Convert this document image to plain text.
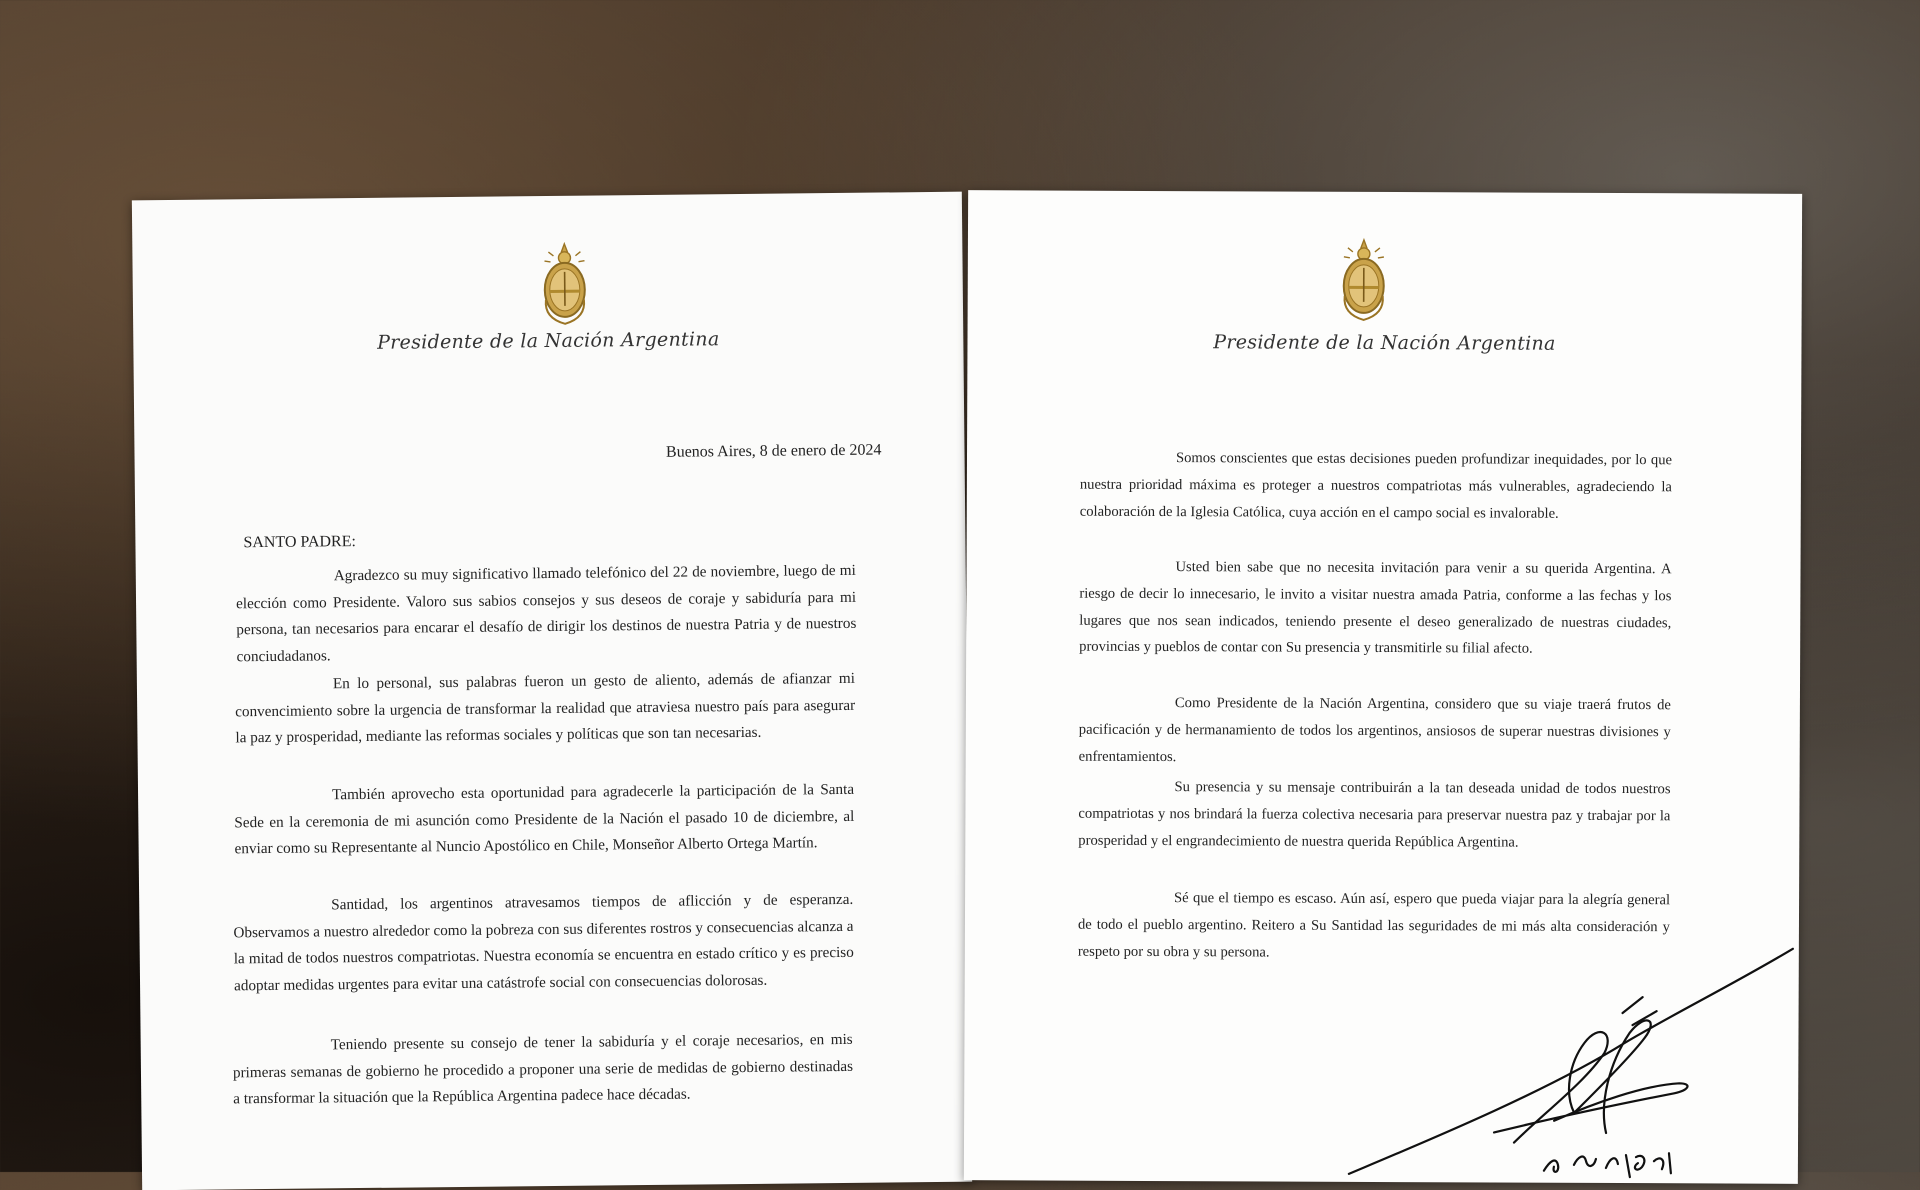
Presidente de la Nación Argentina
Buenos Aires, 8 de enero de 2024
SANTO PADRE:

Agradezco su muy significativo llamado telefónico del 22 de noviembre, luego de mi elección como Presidente. Valoro sus sabios consejos y sus deseos de coraje y sabiduría para mi persona, tan necesarios para encarar el desafío de dirigir los destinos de nuestra Patria y de nuestros conciudadanos.

En lo personal, sus palabras fueron un gesto de aliento, además de afianzar mi convencimiento sobre la urgencia de transformar la realidad que atraviesa nuestro país para asegurar la paz y prosperidad, mediante las reformas sociales y políticas que son tan necesarias.

También aprovecho esta oportunidad para agradecerle la participación de la Santa Sede en la ceremonia de mi asunción como Presidente de la Nación el pasado 10 de diciembre, al enviar como su Representante al Nuncio Apostólico en Chile, Monseñor Alberto Ortega Martín.

Santidad, los argentinos atravesamos tiempos de aflicción y de esperanza. Observamos a nuestro alrededor como la pobreza con sus diferentes rostros y consecuencias alcanza a la mitad de todos nuestros compatriotas. Nuestra economía se encuentra en estado crítico y es preciso adoptar medidas urgentes para evitar una catástrofe social con consecuencias dolorosas.

Teniendo presente su consejo de tener la sabiduría y el coraje necesarios, en mis primeras semanas de gobierno he procedido a proponer una serie de medidas de gobierno destinadas a transformar la situación que la República Argentina padece hace décadas.

Presidente de la Nación Argentina

Somos conscientes que estas decisiones pueden profundizar inequidades, por lo que nuestra prioridad máxima es proteger a nuestros compatriotas más vulnerables, agradeciendo la colaboración de la Iglesia Católica, cuya acción en el campo social es invalorable.

Usted bien sabe que no necesita invitación para venir a su querida Argentina. A riesgo de decir lo innecesario, le invito a visitar nuestra amada Patria, conforme a las fechas y los lugares que nos sean indicados, teniendo presente el deseo generalizado de nuestras ciudades, provincias y pueblos de contar con Su presencia y transmitirle su filial afecto.

Como Presidente de la Nación Argentina, considero que su viaje traerá frutos de pacificación y de hermanamiento de todos los argentinos, ansiosos de superar nuestras divisiones y enfrentamientos.

Su presencia y su mensaje contribuirán a la tan deseada unidad de todos nuestros compatriotas y nos brindará la fuerza colectiva necesaria para preservar nuestra paz y trabajar por la prosperidad y el engrandecimiento de nuestra querida República Argentina.

Sé que el tiempo es escaso. Aún así, espero que pueda viajar para la alegría general de todo el pueblo argentino. Reitero a Su Santidad las seguridades de mi más alta consideración y respeto por su obra y su persona.
